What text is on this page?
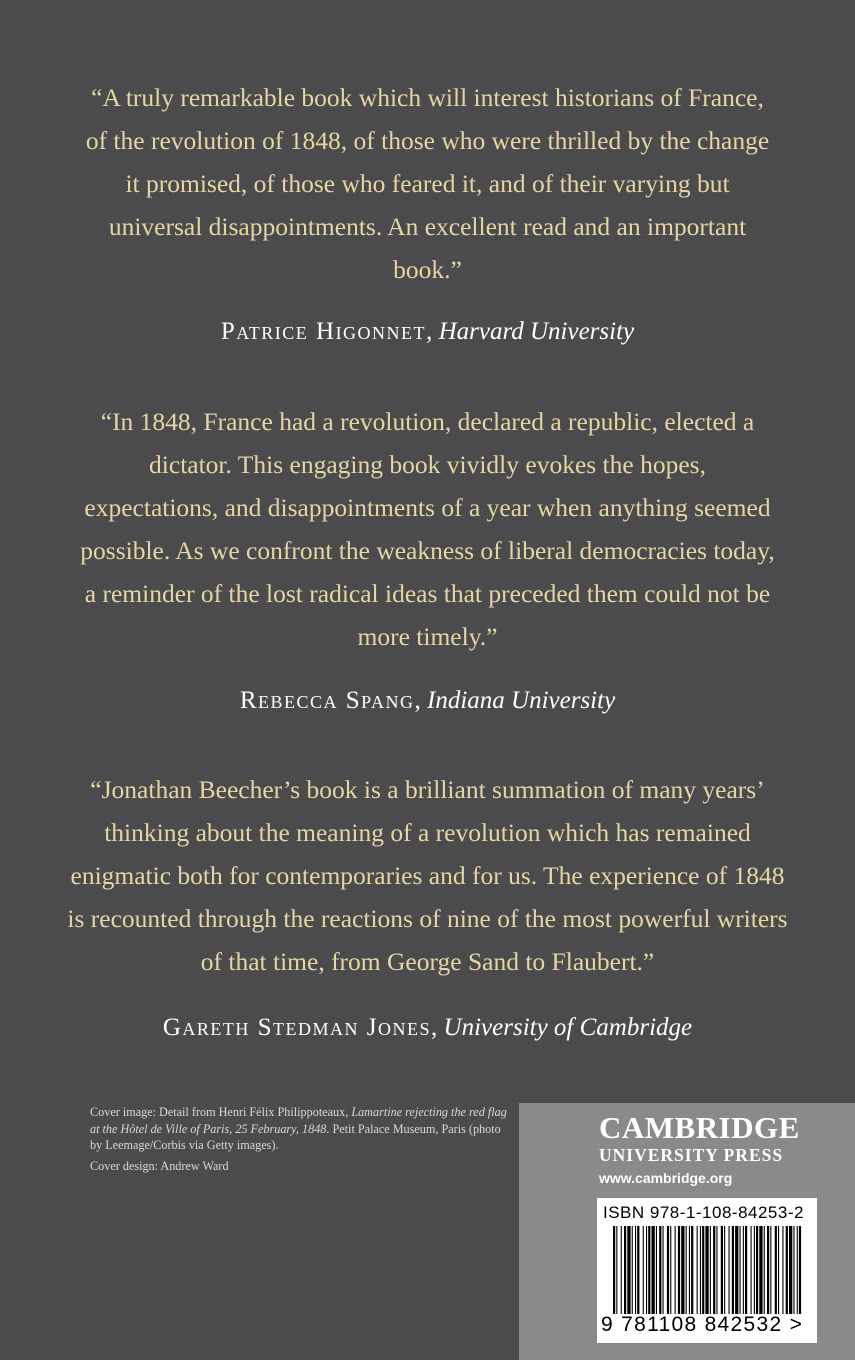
“A truly remarkable book which will interest historians of France, of the revolution of 1848, of those who were thrilled by the change it promised, of those who feared it, and of their varying but universal disappointments. An excellent read and an important book.”

Patrice Higonnet, Harvard University

“In 1848, France had a revolution, declared a republic, elected a dictator. This engaging book vividly evokes the hopes, expectations, and disappointments of a year when anything seemed possible. As we confront the weakness of liberal democracies today, a reminder of the lost radical ideas that preceded them could not be more timely.”

Rebecca Spang, Indiana University

“Jonathan Beecher’s book is a brilliant summation of many years’ thinking about the meaning of a revolution which has remained enigmatic both for contemporaries and for us. The experience of 1848 is recounted through the reactions of nine of the most powerful writers of that time, from George Sand to Flaubert.”

Gareth Stedman Jones, University of Cambridge

Cover image: Detail from Henri Félix Philippoteaux, Lamartine rejecting the red flag at the Hôtel de Ville of Paris, 25 February, 1848. Petit Palace Museum, Paris (photo by Leemage/Corbis via Getty images).

Cover design: Andrew Ward

CAMBRIDGE

UNIVERSITY PRESS

www.cambridge.org
ISBN 978-1-108-84253-2
9 781108 842532 >
